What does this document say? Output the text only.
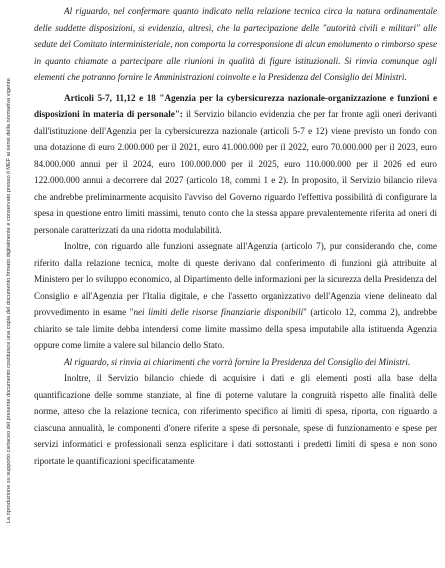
La riproduzione su supporto cartaceo del presente documento costituisce una copia del documento firmato digitalmente e conservato presso il MEF ai sensi della normativa vigente.

Al riguardo, nel confermare quanto indicato nella relazione tecnica circa la natura ordinamentale delle suddette disposizioni, si evidenzia, altresì, che la partecipazione delle "autorità civili e militari" alle sedute del Comitato interministeriale, non comporta la corresponsione di alcun emolumento o rimborso spese in quanto chiamate a partecipare alle riunioni in qualità di figure istituzionali. Si rinvia comunque agli elementi che potranno fornire le Amministrazioni coinvolte e la Presidenza del Consiglio dei Ministri.

Articoli 5-7, 11,12 e 18 "Agenzia per la cybersicurezza nazionale-organizzazione e funzioni e disposizioni in materia di personale": il Servizio bilancio evidenzia che per far fronte agli oneri derivanti dall'istituzione dell'Agenzia per la cybersicurezza nazionale (articoli 5-7 e 12) viene previsto un fondo con una dotazione di euro 2.000.000 per il 2021, euro 41.000.000 per il 2022, euro 70.000.000 per il 2023, euro 84.000.000 annui per il 2024, euro 100.000.000 per il 2025, euro 110.000.000 per il 2026 ed euro 122.000.000 annui a decorrere dal 2027 (articolo 18, commi 1 e 2). In proposito, il Servizio bilancio rileva che andrebbe preliminarmente acquisito l'avviso del Governo riguardo l'effettiva possibilità di configurare la spesa in questione entro limiti massimi, tenuto conto che la stessa appare prevalentemente riferita ad oneri di personale caratterizzati da una ridotta modulabilità.

Inoltre, con riguardo alle funzioni assegnate all'Agenzia (articolo 7), pur considerando che, come riferito dalla relazione tecnica, molte di queste derivano dal conferimento di funzioni già attribuite al Ministero per lo sviluppo economico, al Dipartimento delle informazioni per la sicurezza della Presidenza del Consiglio e all'Agenzia per l'Italia digitale, e che l'assetto organizzativo dell'Agenzia viene delineato dal provvedimento in esame "nei limiti delle risorse finanziarie disponibili" (articolo 12, comma 2), andrebbe chiarito se tale limite debba intendersi come limite massimo della spesa imputabile alla istituenda Agenzia oppure come limite a valere sul bilancio dello Stato.

Al riguardo, si rinvia ai chiarimenti che vorrà fornire la Presidenza del Consiglio dei Ministri.

Inoltre, il Servizio bilancio chiede di acquisire i dati e gli elementi posti alla base della quantificazione delle somme stanziate, al fine di poterne valutare la congruità rispetto alle finalità delle norme, atteso che la relazione tecnica, con riferimento specifico ai limiti di spesa, riporta, con riguardo a ciascuna annualità, le componenti d'onere riferite a spese di personale, spese di funzionamento e spese per servizi informatici e professionali senza esplicitare i dati sottostanti i predetti limiti di spesa e non sono riportate le quantificazioni specificatamente
